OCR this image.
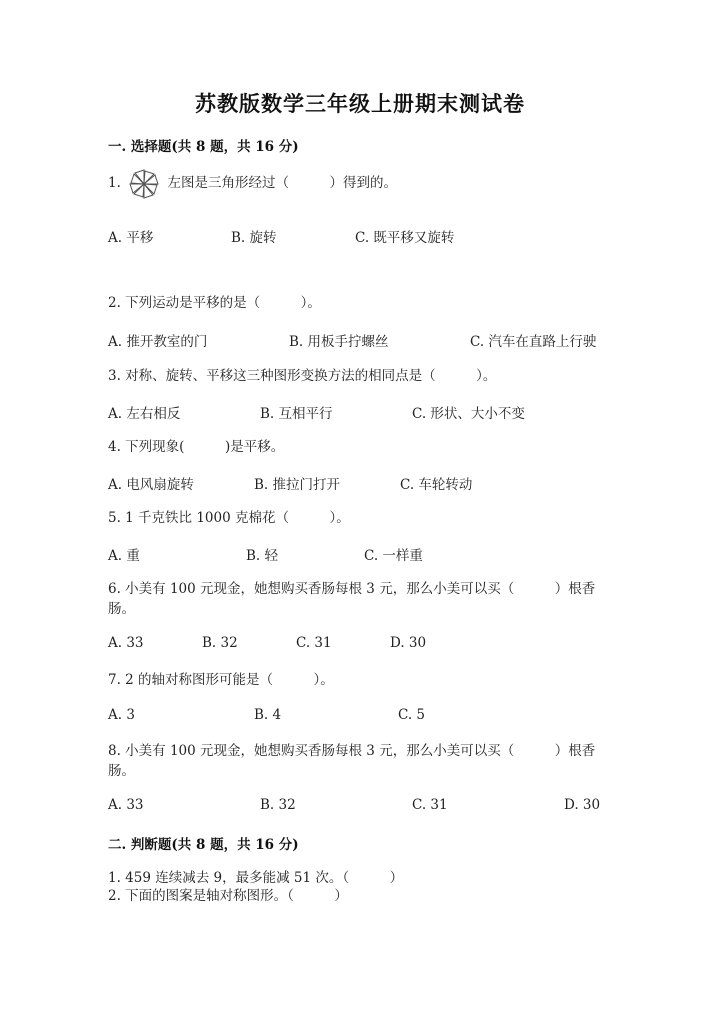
苏教版数学三年级上册期末测试卷
一. 选择题(共 8 题，共 16 分)
1.	左图是三角形经过（　　　）得到的。
A. 平移	B. 旋转	C. 既平移又旋转
2. 下列运动是平移的是（　　　）。
A. 推开教室的门	B. 用板手拧螺丝	C. 汽车在直路上行驶
3. 对称、旋转、平移这三种图形变换方法的相同点是（　　　）。
A. 左右相反	B. 互相平行	C. 形状、大小不变
4. 下列现象(　　　)是平移。
A. 电风扇旋转	B. 推拉门打开	C. 车轮转动
5. 1 千克铁比 1000 克棉花（　　　）。
A. 重	B. 轻	C. 一样重
6. 小美有 100 元现金，她想购买香肠每根 3 元，那么小美可以买（　　　）根香肠。
A. 33	B. 32	C. 31	D. 30
7. 2 的轴对称图形可能是（　　　）。
A. 3	B. 4	C. 5
8. 小美有 100 元现金，她想购买香肠每根 3 元，那么小美可以买（　　　）根香肠。
A. 33	B. 32	C. 31	D. 30
二. 判断题(共 8 题，共 16 分)
1. 459 连续减去 9，最多能减 51 次。（　　　）
2. 下面的图案是轴对称图形。（　　　）
